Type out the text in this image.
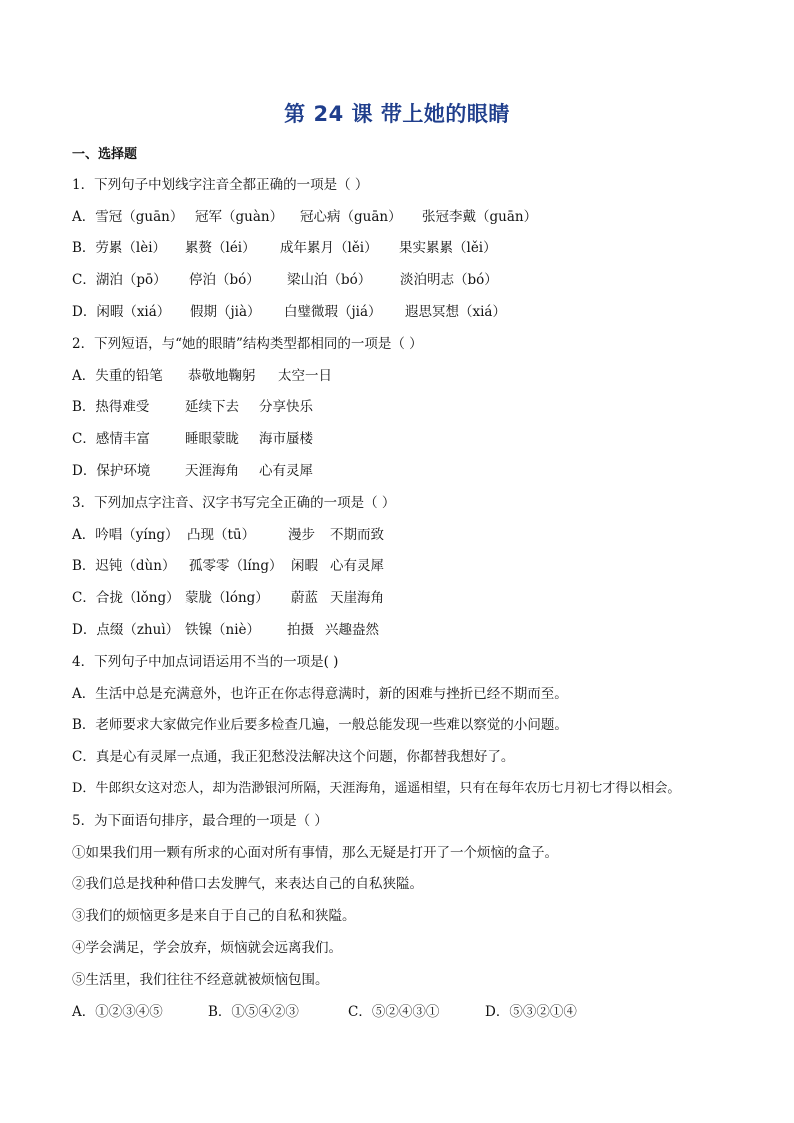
第 24 课 带上她的眼睛
一、选择题
1．下列句子中划线字注音全都正确的一项是（ ）
A．雪冠（guān） 冠军（guàn） 冠心病（guān） 张冠李戴（guān）
B．劳累（lèi） 累赘（léi） 成年累月（lěi） 果实累累（lěi）
C．湖泊（pō） 停泊（bó） 梁山泊（bó） 淡泊明志（bó）
D．闲暇（xiá） 假期（jià） 白璧微瑕（jiá） 遐思冥想（xiá）
2．下列短语，与“她的眼睛”结构类型都相同的一项是（ ）
A．失重的铅笔 恭敬地鞠躬 太空一日
B．热得难受	延续下去 分享快乐
C．感情丰富	睡眼蒙眬 海市蜃楼
D．保护环境	天涯海角 心有灵犀
3．下列加点字注音、汉字书写完全正确的一项是（ ）
A．吟唱（yíng） 凸现（tū） 漫步 不期而致
B．迟钝（dùn） 孤零零（líng） 闲暇 心有灵犀
C．合拢（lǒng） 蒙胧（lóng） 蔚蓝 天崖海角
D．点缀（zhuì） 铁镍（niè） 拍摄 兴趣盎然
4．下列句子中加点词语运用不当的一项是( )
A．生活中总是充满意外，也许正在你志得意满时，新的困难与挫折已经不期而至。
B．老师要求大家做完作业后要多检查几遍，一般总能发现一些难以察觉的小问题。
C．真是心有灵犀一点通，我正犯愁没法解决这个问题，你都替我想好了。
D．牛郎织女这对恋人，却为浩渺银河所隔，天涯海角，遥遥相望，只有在每年农历七月初七才得以相会。
5．为下面语句排序，最合理的一项是（ ）
①如果我们用一颗有所求的心面对所有事情，那么无疑是打开了一个烦恼的盒子。
②我们总是找种种借口去发脾气，来表达自己的自私狭隘。
③我们的烦恼更多是来自于自己的自私和狭隘。
④学会满足，学会放弃，烦恼就会远离我们。
⑤生活里，我们往往不经意就被烦恼包围。
A．①②③④⑤	B．①⑤④②③	C．⑤②④③①	D．⑤③②①④
